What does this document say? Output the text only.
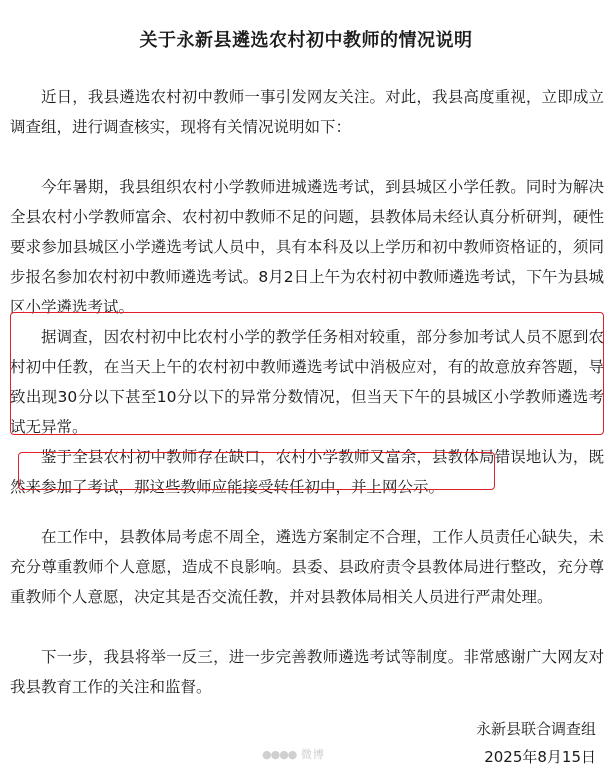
关于永新县遴选农村初中教师的情况说明

近日，我县遴选农村初中教师一事引发网友关注。对此，我县高度重视，立即成立调查组，进行调查核实，现将有关情况说明如下：

今年暑期，我县组织农村小学教师进城遴选考试，到县城区小学任教。同时为解决全县农村小学教师富余、农村初中教师不足的问题，县教体局未经认真分析研判，硬性要求参加县城区小学遴选考试人员中，具有本科及以上学历和初中教师资格证的，须同步报名参加农村初中教师遴选考试。8月2日上午为农村初中教师遴选考试，下午为县城区小学遴选考试。

据调查，因农村初中比农村小学的教学任务相对较重，部分参加考试人员不愿到农村初中任教，在当天上午的农村初中教师遴选考试中消极应对，有的故意放弃答题，导致出现30分以下甚至10分以下的异常分数情况，但当天下午的县城区小学教师遴选考试无异常。

鉴于全县农村初中教师存在缺口，农村小学教师又富余，县教体局错误地认为，既然来参加了考试，那这些教师应能接受转任初中，并上网公示。

在工作中，县教体局考虑不周全，遴选方案制定不合理，工作人员责任心缺失，未充分尊重教师个人意愿，造成不良影响。县委、县政府责令县教体局进行整改，充分尊重教师个人意愿，决定其是否交流任教，并对县教体局相关人员进行严肃处理。

下一步，我县将举一反三，进一步完善教师遴选考试等制度。非常感谢广大网友对我县教育工作的关注和监督。

永新县联合调查组
2025年8月15日
●●●● 微博
